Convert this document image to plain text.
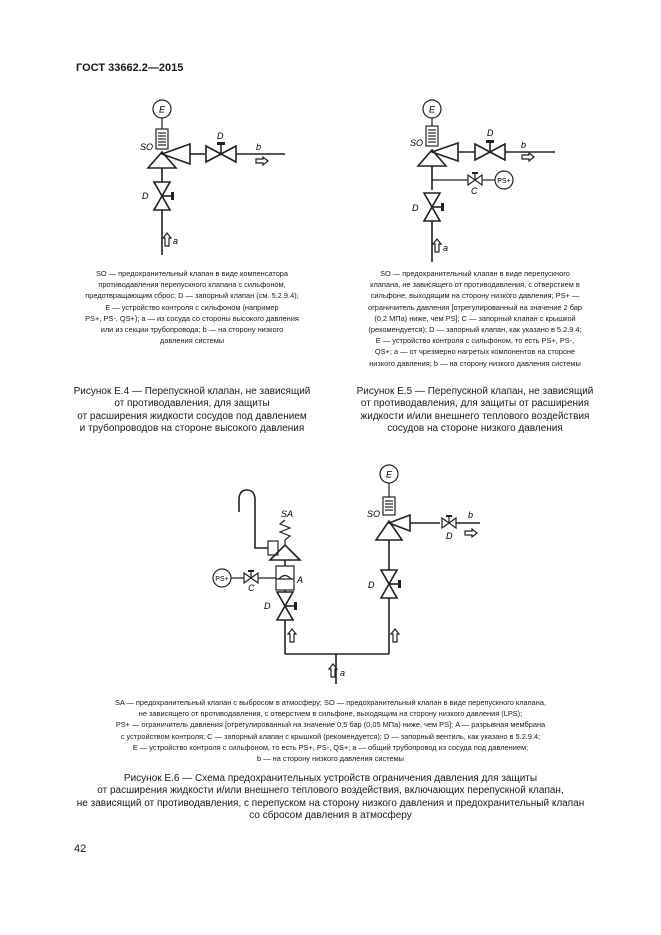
ГОСТ 33662.2—2015
E
SO
D
b
D
a
E
SO
D
b
PS+
C
D
a
SA
A
PS+
C
D
E
SO
D
b
D
a
SO — предохранительный клапан в виде компенсатора
противодавления перепускного клапана с сильфоном,
предотвращающим сброс; D — запорный клапан (см. 5.2.9.4);
E — устройство контроля с сильфоном (например
PS+, PS-, QS+); a — из сосуда со стороны высокого давления
или из секции трубопровода; b — на сторону низкого
давления системы
Рисунок Е.4 — Перепускной клапан, не зависящий
от противодавления, для защиты
от расширения жидкости сосудов под давлением
и трубопроводов на стороне высокого давления
SO — предохранительный клапан в виде перепускного
клапана, не зависящего от противодавления, с отверстием в
сильфоне, выходящим на сторону низкого давления; PS+ —
ограничитель давления [отрегулированный на значение 2 бар
(0,2 МПа) ниже, чем PS]; C — запорный клапан с крышкой
(рекомендуется); D — запорный клапан, как указано в 5.2.9.4;
E — устройство контроля с сильфоном, то есть PS+, PS-,
QS+; a — от чрезмерно нагретых компонентов на стороне
низкого давления; b — на сторону низкого давления системы
Рисунок Е.5 — Перепускной клапан, не зависящий
от противодавления, для защиты от расширения
жидкости и/или внешнего теплового воздействия
сосудов на стороне низкого давления
SA — предохранительный клапан с выбросом в атмосферу; SO — предохранительный клапан в виде перепускного клапана,
не зависящего от противодавления, с отверстием в сильфоне, выходящим на сторону низкого давления (LPS);
PS+ — ограничитель давления [отрегулированный на значение 0,5 бар (0,05 МПа) ниже, чем PS]; A — разрывная мембрана
с устройством контроля; C — запорный клапан с крышкой (рекомендуется); D — запорный вентиль, как указано в 5.2.9.4;
E — устройство контроля с сильфоном, то есть PS+, PS-, QS+; a — общий трубопровод из сосуда под давлением;
b — на сторону низкого давления системы
Рисунок Е.6 — Схема предохранительных устройств ограничения давления для защиты
от расширения жидкости и/или внешнего теплового воздействия, включающих перепускной клапан,
не зависящий от противодавления, с перепуском на сторону низкого давления и предохранительный клапан
со сбросом давления в атмосферу
42
